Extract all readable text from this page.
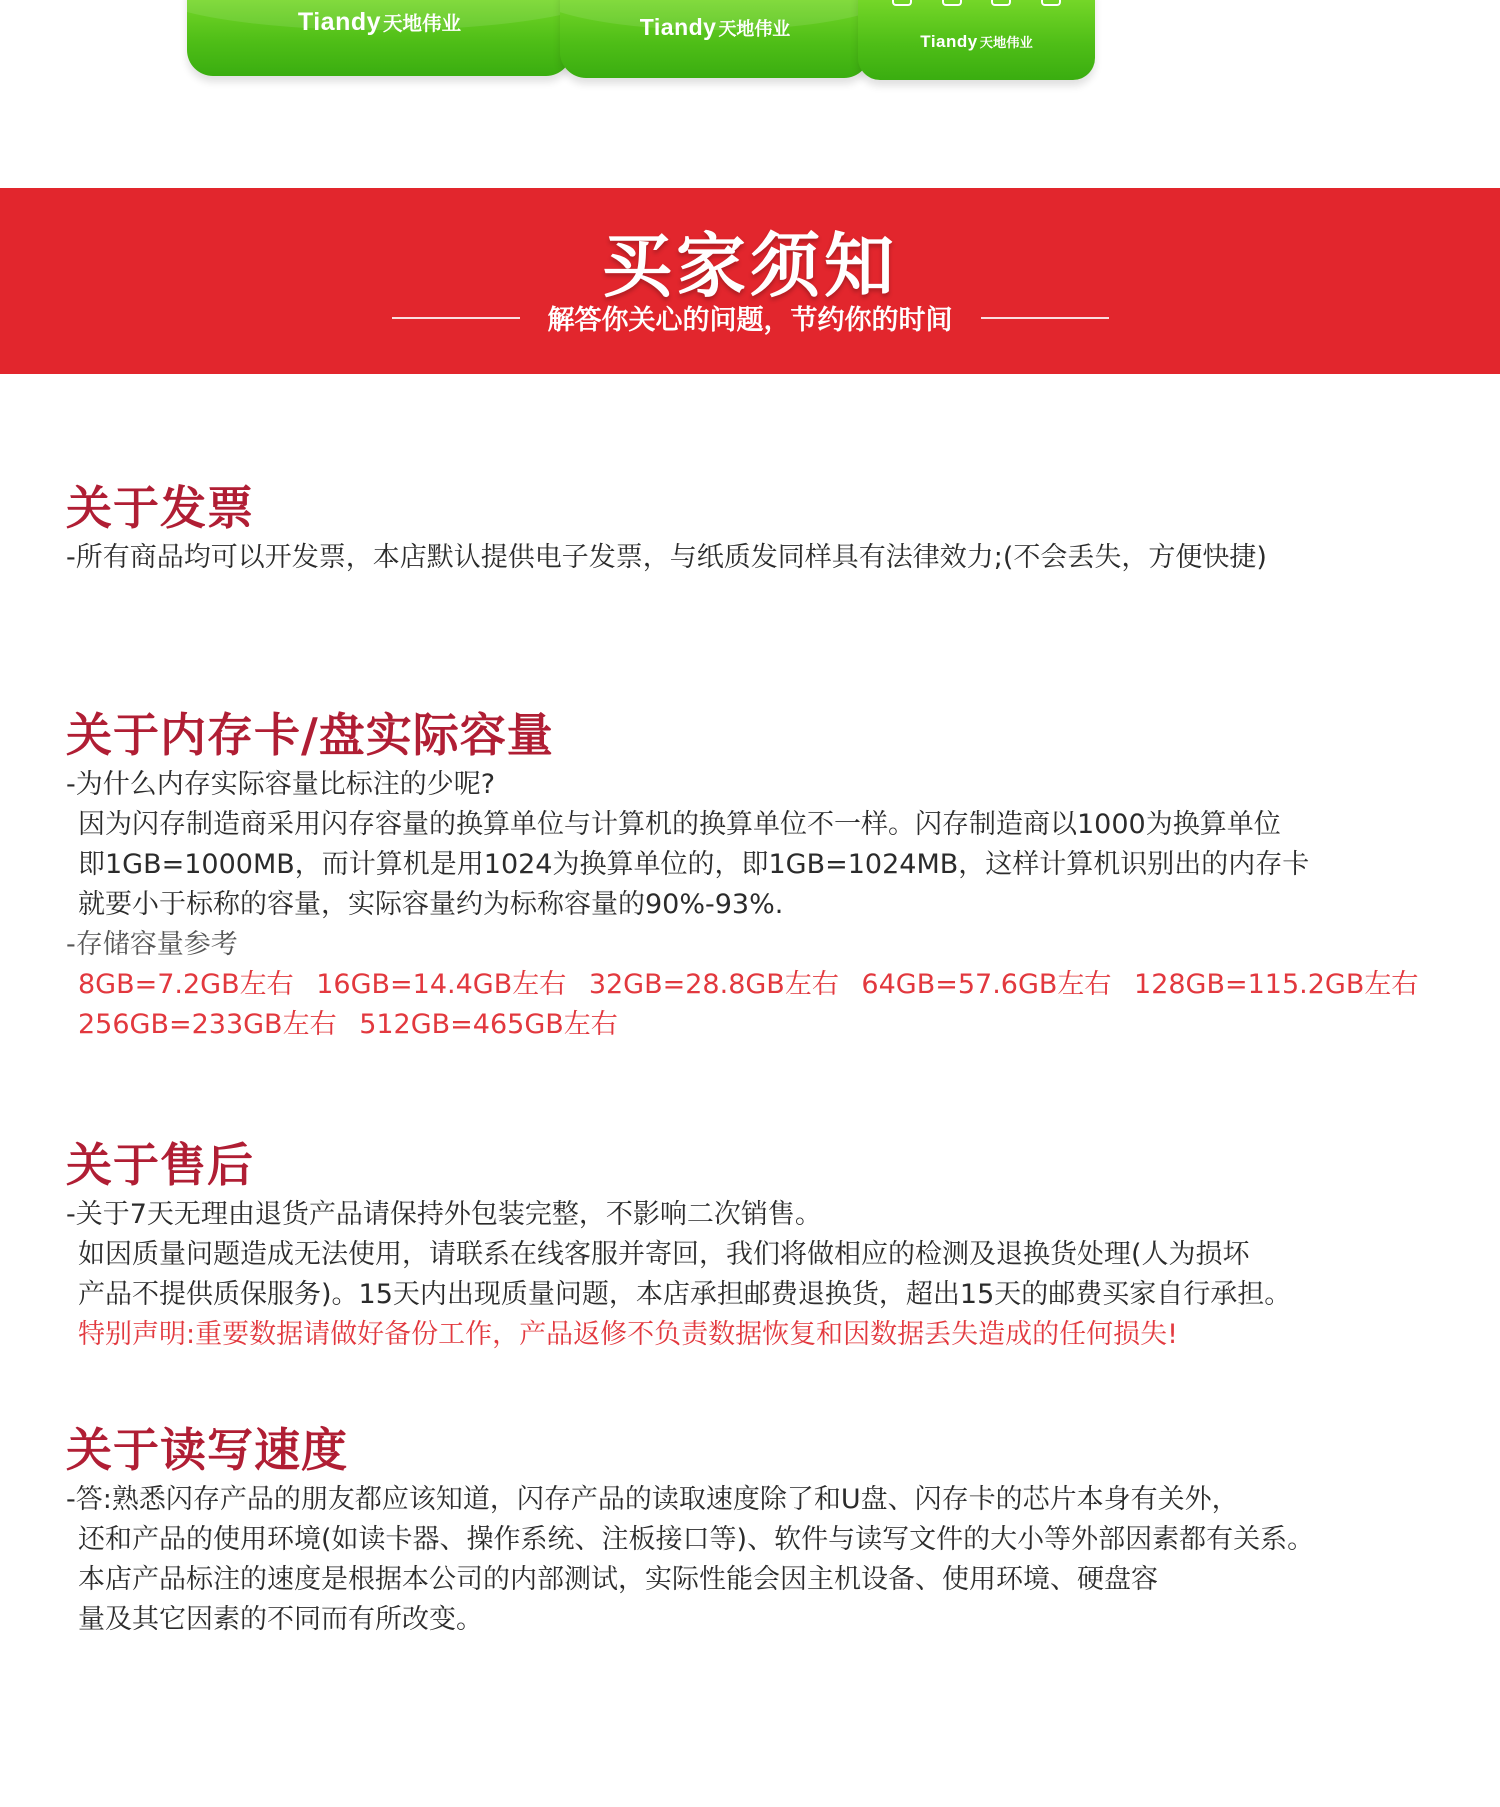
Tiandy 天地伟业	Tiandy 天地伟业
Tiandy 天地伟业
买家须知
解答你关心的问题，节约你的时间
关于发票
-所有商品均可以开发票，本店默认提供电子发票，与纸质发同样具有法律效力;(不会丢失，方便快捷)
关于内存卡/盘实际容量
-为什么内存实际容量比标注的少呢?
因为闪存制造商采用闪存容量的换算单位与计算机的换算单位不一样。闪存制造商以1000为换算单位
即1GB=1000MB，而计算机是用1024为换算单位的，即1GB=1024MB，这样计算机识别出的内存卡
就要小于标称的容量，实际容量约为标称容量的90%-93%.
-存储容量参考
8GB=7.2GB左右 16GB=14.4GB左右 32GB=28.8GB左右 64GB=57.6GB左右 128GB=115.2GB左右
256GB=233GB左右 512GB=465GB左右
关于售后
-关于7天无理由退货产品请保持外包装完整，不影响二次销售。
如因质量问题造成无法使用，请联系在线客服并寄回，我们将做相应的检测及退换货处理(人为损坏
产品不提供质保服务)。15天内出现质量问题，本店承担邮费退换货，超出15天的邮费买家自行承担。
特别声明:重要数据请做好备份工作，产品返修不负责数据恢复和因数据丢失造成的任何损失!
关于读写速度
-答:熟悉闪存产品的朋友都应该知道，闪存产品的读取速度除了和U盘、闪存卡的芯片本身有关外，
还和产品的使用环境(如读卡器、操作系统、注板接口等)、软件与读写文件的大小等外部因素都有关系。
本店产品标注的速度是根据本公司的内部测试，实际性能会因主机设备、使用环境、硬盘容
量及其它因素的不同而有所改变。
